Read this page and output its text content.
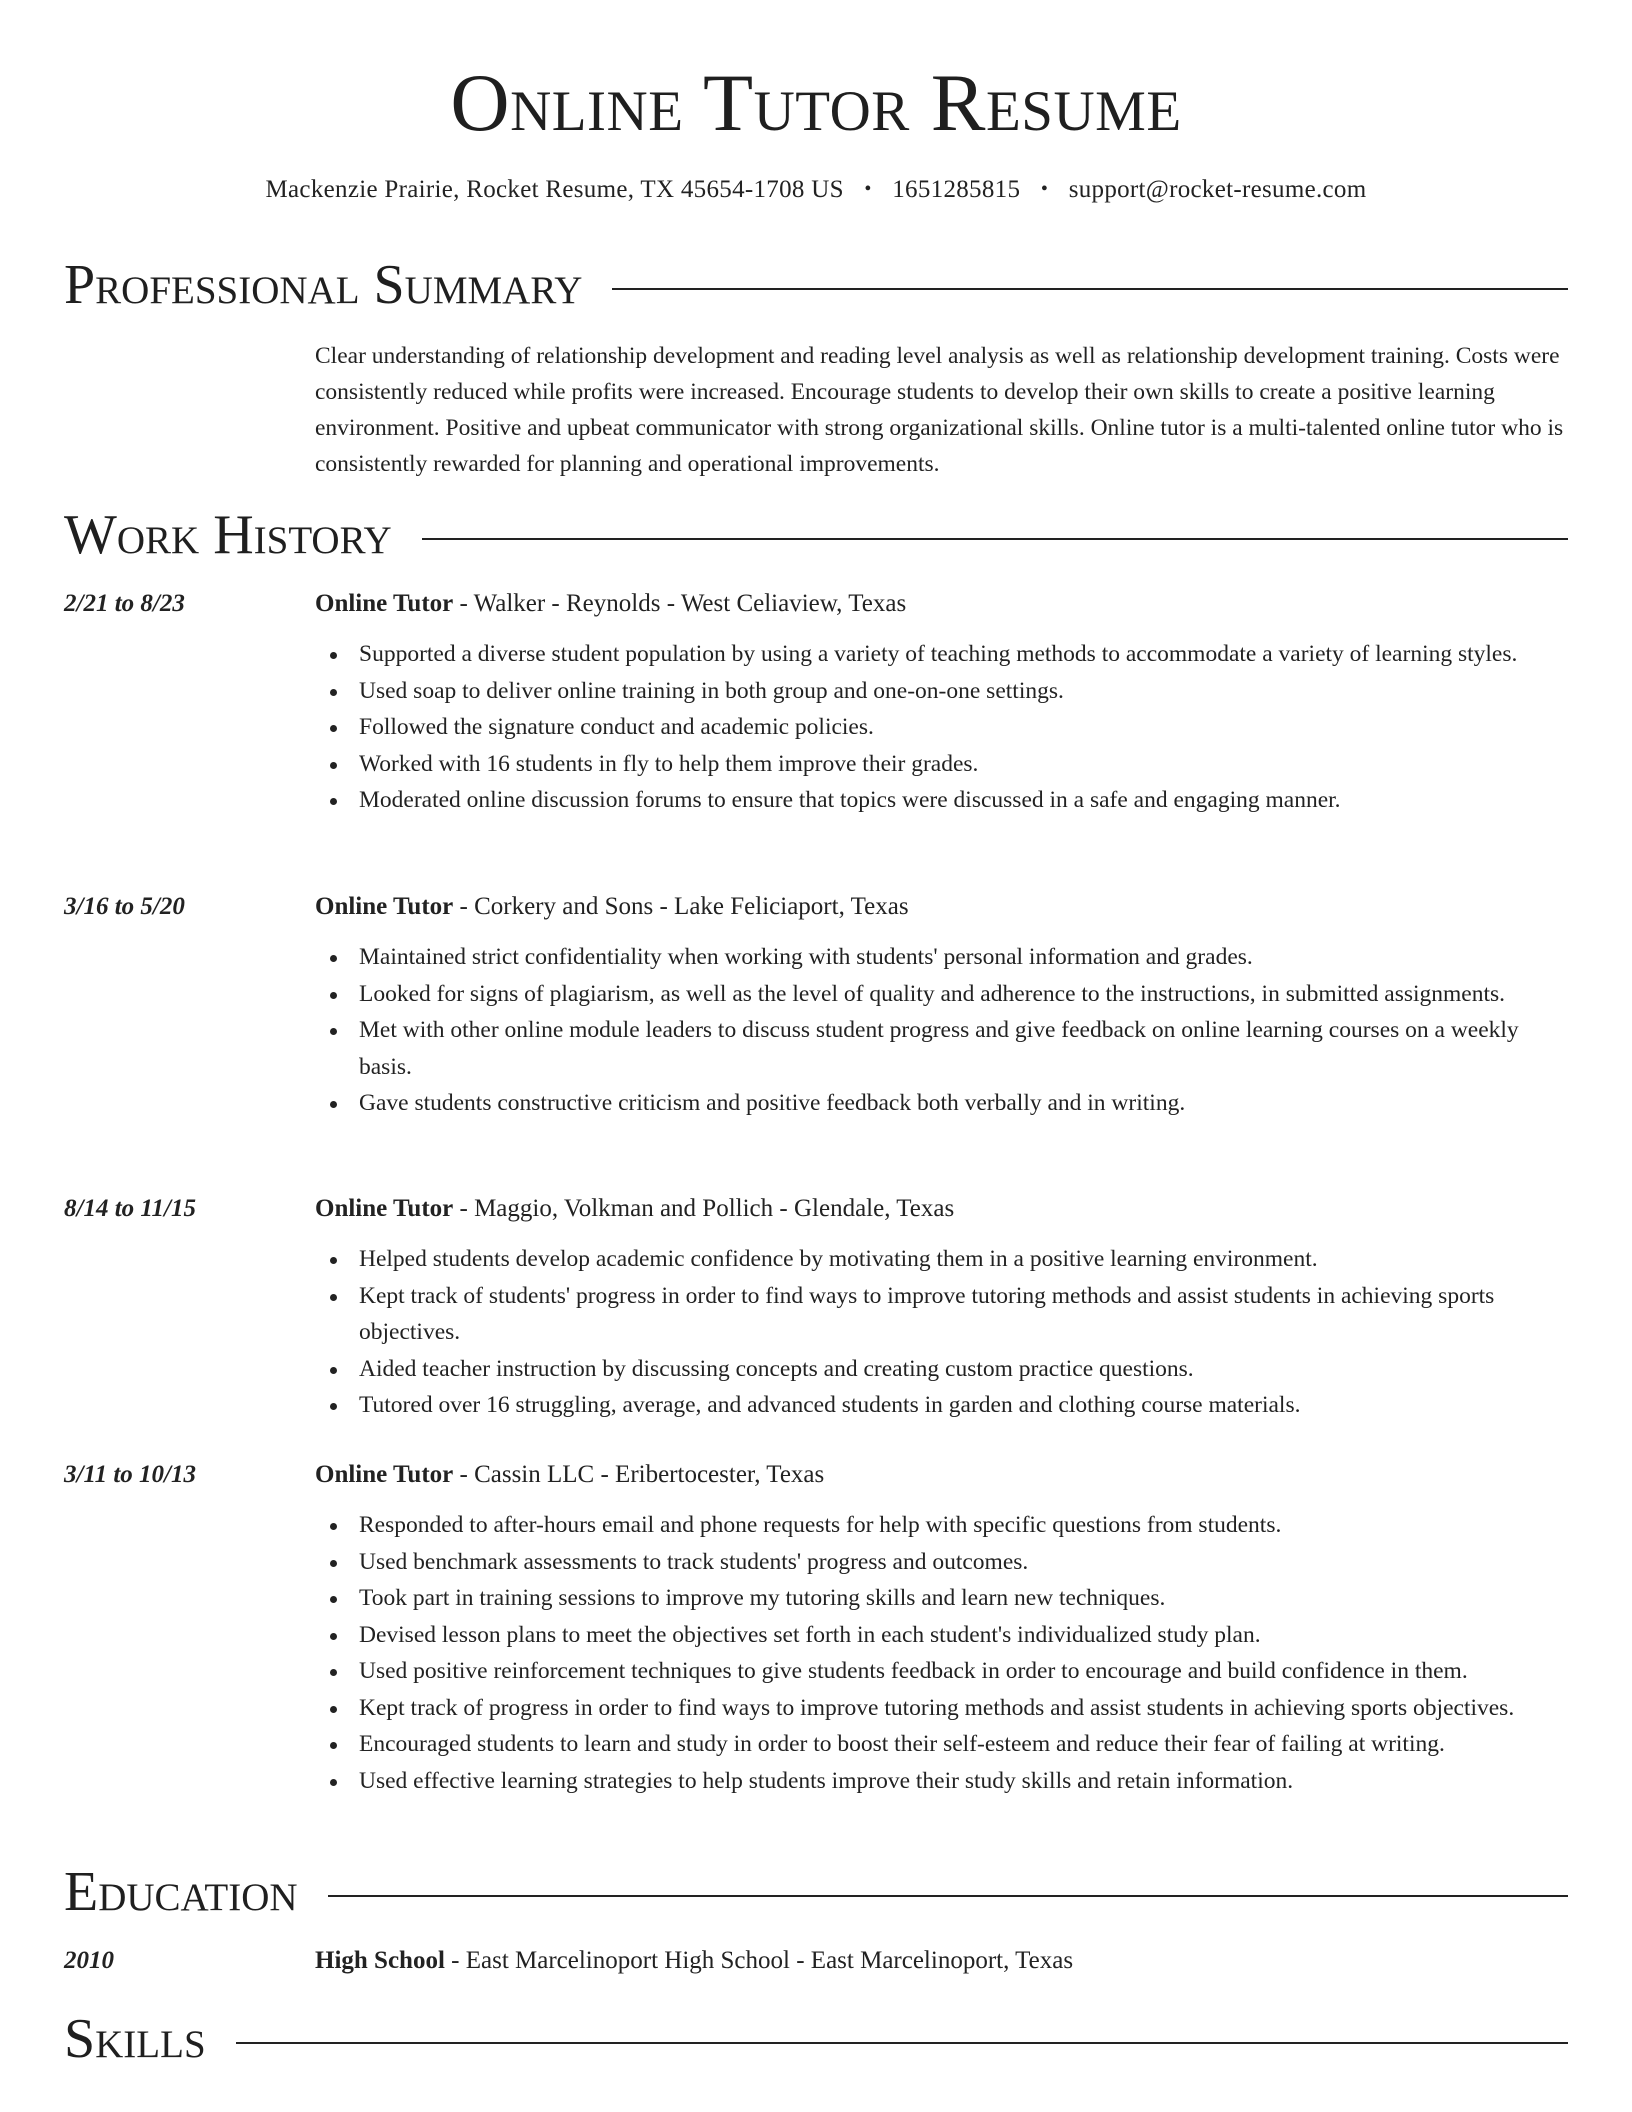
Online Tutor Resume
Mackenzie Prairie, Rocket Resume, TX 45654-1708 US • 1651285815 • support@rocket-resume.com
Professional Summary
Clear understanding of relationship development and reading level analysis as well as relationship development training. Costs were consistently reduced while profits were increased. Encourage students to develop their own skills to create a positive learning environment. Positive and upbeat communicator with strong organizational skills. Online tutor is a multi-talented online tutor who is consistently rewarded for planning and operational improvements.
Work History
2/21 to 8/23	Online Tutor - Walker - Reynolds - West Celiaview, Texas
Supported a diverse student population by using a variety of teaching methods to accommodate a variety of learning styles.
Used soap to deliver online training in both group and one-on-one settings.
Followed the signature conduct and academic policies.
Worked with 16 students in fly to help them improve their grades.
Moderated online discussion forums to ensure that topics were discussed in a safe and engaging manner.
3/16 to 5/20	Online Tutor - Corkery and Sons - Lake Feliciaport, Texas
Maintained strict confidentiality when working with students' personal information and grades.
Looked for signs of plagiarism, as well as the level of quality and adherence to the instructions, in submitted assignments.
Met with other online module leaders to discuss student progress and give feedback on online learning courses on a weekly basis.
Gave students constructive criticism and positive feedback both verbally and in writing.
8/14 to 11/15	Online Tutor - Maggio, Volkman and Pollich - Glendale, Texas
Helped students develop academic confidence by motivating them in a positive learning environment.
Kept track of students' progress in order to find ways to improve tutoring methods and assist students in achieving sports objectives.
Aided teacher instruction by discussing concepts and creating custom practice questions.
Tutored over 16 struggling, average, and advanced students in garden and clothing course materials.
3/11 to 10/13	Online Tutor - Cassin LLC - Eribertocester, Texas
Responded to after-hours email and phone requests for help with specific questions from students.
Used benchmark assessments to track students' progress and outcomes.
Took part in training sessions to improve my tutoring skills and learn new techniques.
Devised lesson plans to meet the objectives set forth in each student's individualized study plan.
Used positive reinforcement techniques to give students feedback in order to encourage and build confidence in them.
Kept track of progress in order to find ways to improve tutoring methods and assist students in achieving sports objectives.
Encouraged students to learn and study in order to boost their self-esteem and reduce their fear of failing at writing.
Used effective learning strategies to help students improve their study skills and retain information.
Education
2010	High School - East Marcelinoport High School - East Marcelinoport, Texas
Skills
